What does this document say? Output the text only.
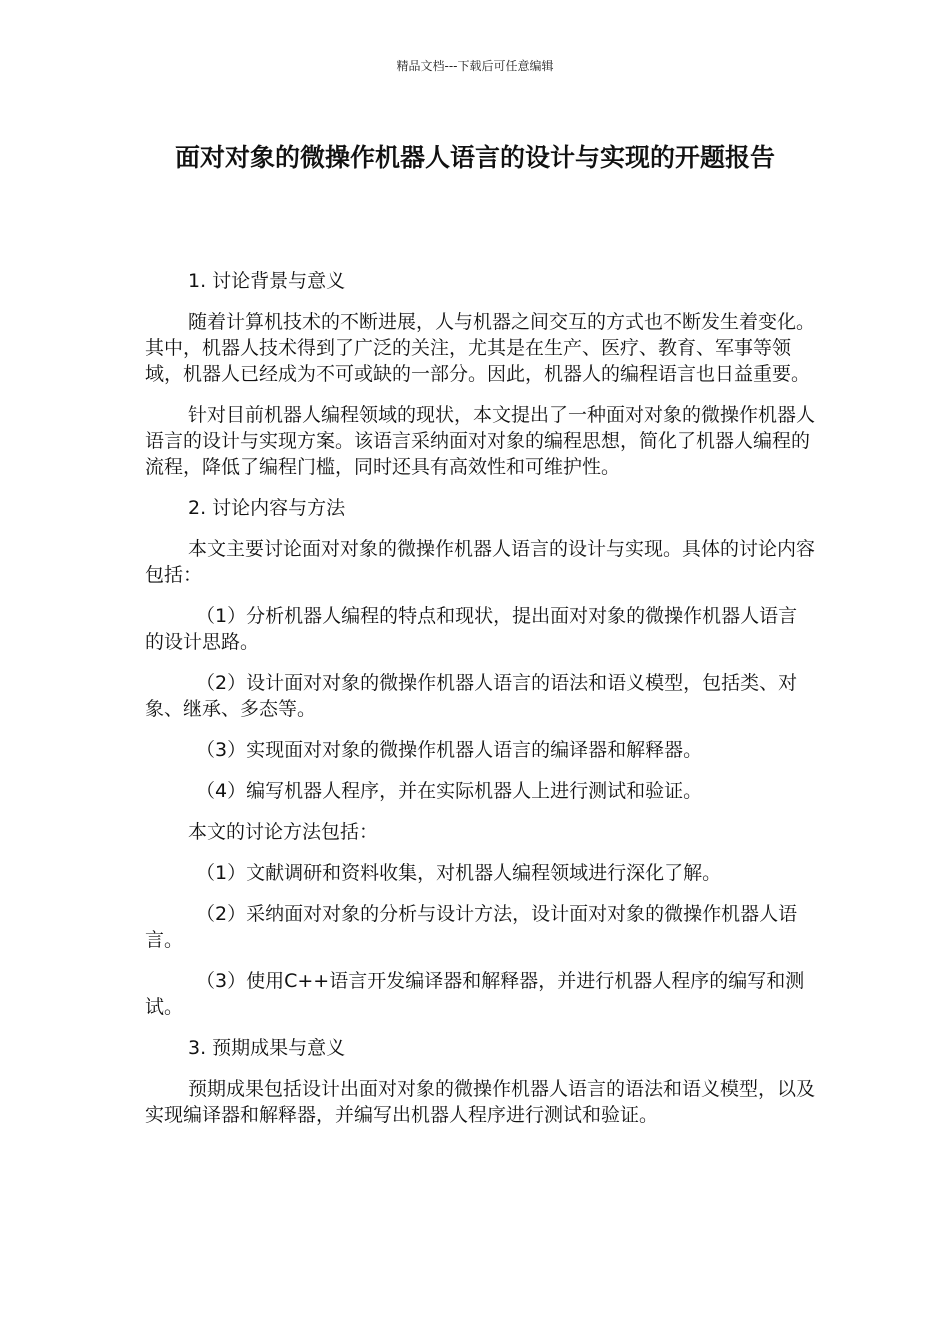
精品文档---下载后可任意编辑
面对对象的微操作机器人语言的设计与实现的开题报告

1. 讨论背景与意义

随着计算机技术的不断进展，人与机器之间交互的方式也不断发生着变化。其中，机器人技术得到了广泛的关注，尤其是在生产、医疗、教育、军事等领域，机器人已经成为不可或缺的一部分。因此，机器人的编程语言也日益重要。

针对目前机器人编程领域的现状，本文提出了一种面对对象的微操作机器人语言的设计与实现方案。该语言采纳面对对象的编程思想，简化了机器人编程的流程，降低了编程门槛，同时还具有高效性和可维护性。

2. 讨论内容与方法

本文主要讨论面对对象的微操作机器人语言的设计与实现。具体的讨论内容包括：

（1）分析机器人编程的特点和现状，提出面对对象的微操作机器人语言的设计思路。

（2）设计面对对象的微操作机器人语言的语法和语义模型，包括类、对象、继承、多态等。

（3）实现面对对象的微操作机器人语言的编译器和解释器。

（4）编写机器人程序，并在实际机器人上进行测试和验证。

本文的讨论方法包括：

（1）文献调研和资料收集，对机器人编程领域进行深化了解。

（2）采纳面对对象的分析与设计方法，设计面对对象的微操作机器人语言。

（3）使用C++语言开发编译器和解释器，并进行机器人程序的编写和测试。

3. 预期成果与意义

预期成果包括设计出面对对象的微操作机器人语言的语法和语义模型，以及实现编译器和解释器，并编写出机器人程序进行测试和验证。
